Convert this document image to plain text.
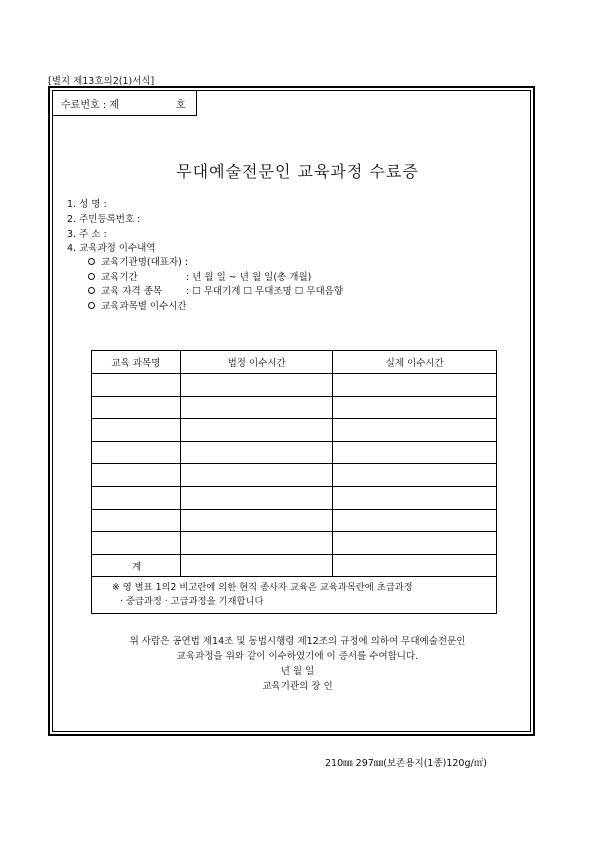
[별지 제13호의2(1)서식]
수료번호 : 제	호
무대예술전문인 교육과정 수료증
1. 성 명 :
2. 주민등록번호 :
3. 주 소 :
4. 교육과정 이수내역
교육기관명(대표자) :
교육기간	: 년 월 일 ~ 년 월 일(총 개월)
교육 자격 종목	: ☐ 무대기계 ☐ 무대조명 ☐ 무대음향
교육과목별 이수시간
교육 과목명	법정 이수시간	실제 이수시간

계		

※ 영 별표 1의2 비고란에 의한 현직 종사자 교육은 교육과목란에 초급과정
· 중급과정 · 고급과정을 기재합니다		
위 사람은 공연법 제14조 및 동법시행령 제12조의 규정에 의하여 무대예술전문인
교육과정을 위와 같이 이수하였기에 이 증서를 수여합니다.
년 월 일
교육기관의 장 인
210㎜ 297㎜(보존용지(1종)120g/㎡)
